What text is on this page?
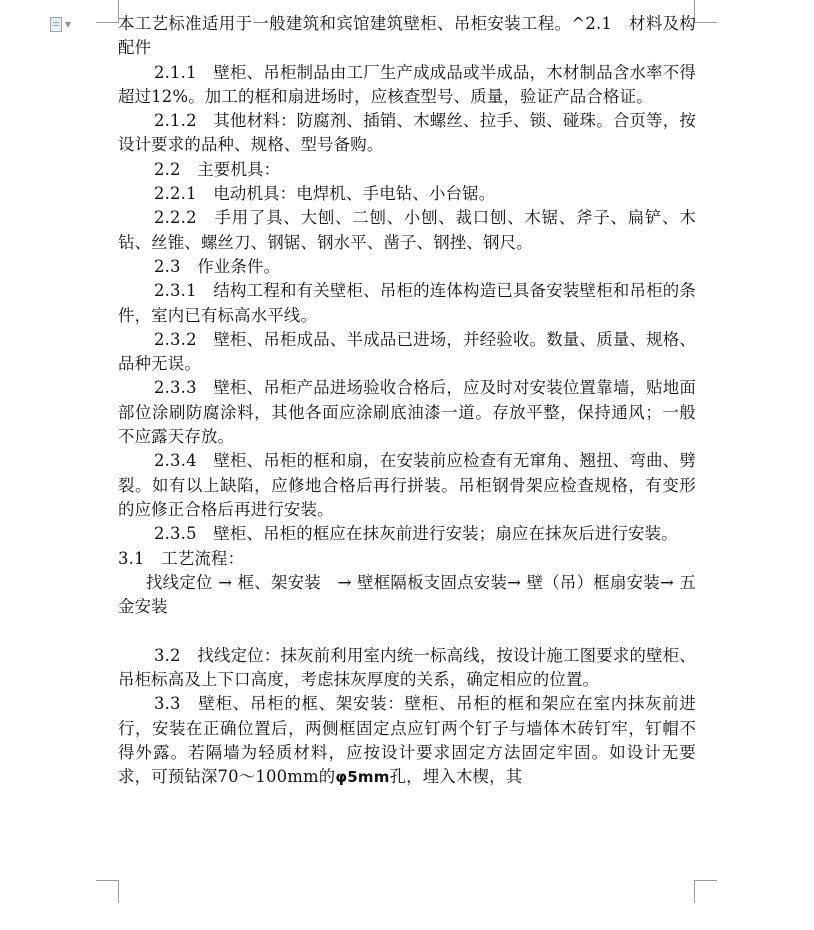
▼	本工艺标准适用于一般建筑和宾馆建筑壁柜、吊柜安装工程。^2.1　材料及构配件

2.1.1　壁柜、吊柜制品由工厂生产成成品或半成品，木材制品含水率不得超过12%。加工的框和扇进场时，应核查型号、质量，验证产品合格证。

2.1.2　其他材料：防腐剂、插销、木螺丝、拉手、锁、碰珠。合页等，按设计要求的品种、规格、型号备购。

2.2　主要机具：

2.2.1　电动机具：电焊机、手电钻、小台锯。

2.2.2　手用了具、大刨、二刨、小刨、裁口刨、木锯、斧子、扁铲、木钻、丝锥、螺丝刀、钢锯、钢水平、凿子、钢挫、钢尺。

2.3　作业条件。

2.3.1　结构工程和有关壁柜、吊柜的连体构造已具备安装壁柜和吊柜的条件，室内已有标高水平线。

2.3.2　壁柜、吊柜成品、半成品已进场，并经验收。数量、质量、规格、品种无误。

2.3.3　壁柜、吊柜产品进场验收合格后，应及时对安装位置靠墙，贴地面部位涂刷防腐涂料，其他各面应涂刷底油漆一道。存放平整，保持通风；一般不应露天存放。

2.3.4　壁柜、吊柜的框和扇，在安装前应检查有无窜角、翘扭、弯曲、劈裂。如有以上缺陷，应修地合格后再行拼装。吊柜钢骨架应检查规格，有变形的应修正合格后再进行安装。

2.3.5　壁柜、吊柜的框应在抹灰前进行安装；扇应在抹灰后进行安装。

3.1　工艺流程：

找线定位 → 框、架安装　→ 壁框隔板支固点安装→ 壁（吊）框扇安装→ 五金安装

3.2　找线定位：抹灰前利用室内统一标高线，按设计施工图要求的壁柜、吊柜标高及上下口高度，考虑抹灰厚度的关系，确定相应的位置。

3.3　壁柜、吊柜的框、架安装：壁柜、吊柜的框和架应在室内抹灰前进行，安装在正确位置后，两侧框固定点应钉两个钉子与墙体木砖钉牢，钉帽不得外露。若隔墙为轻质材料，应按设计要求固定方法固定牢固。如设计无要求，可预钻深70～100mm的φ5mm孔，埋入木楔，其
